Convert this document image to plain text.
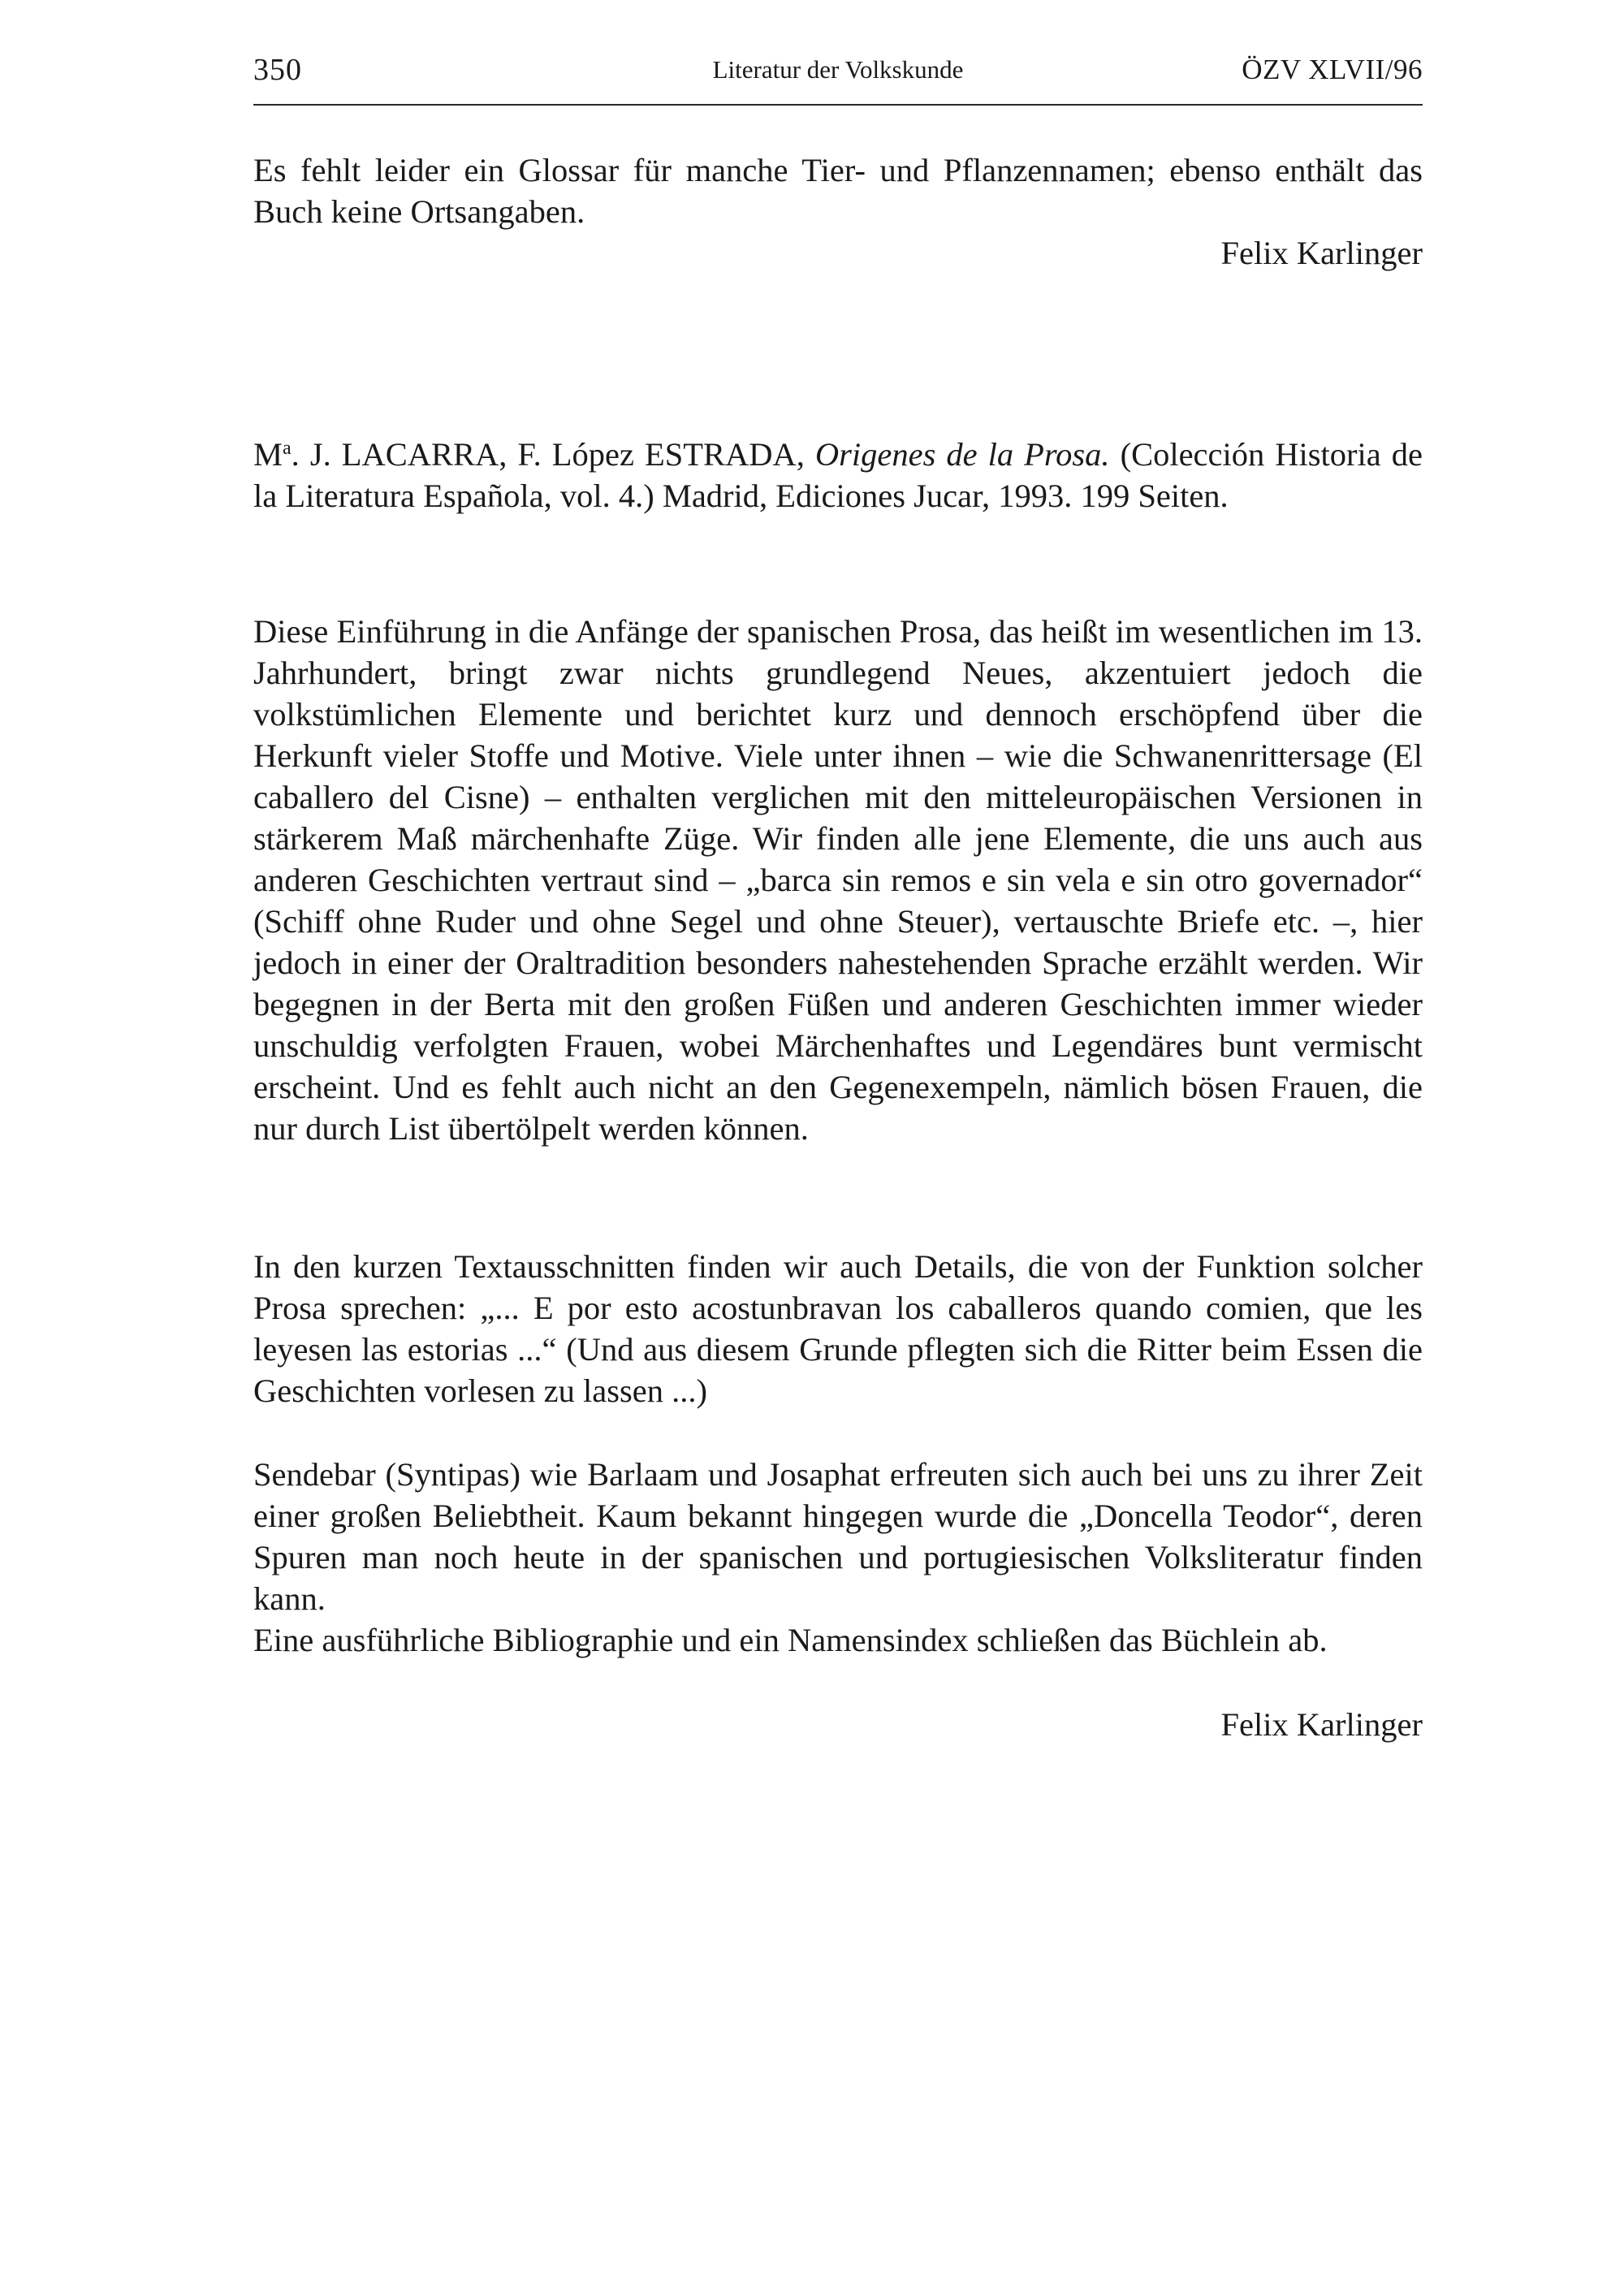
350	Literatur der Volkskunde	ÖZV XLVII/96

Es fehlt leider ein Glossar für manche Tier- und Pflanzennamen; ebenso enthält das Buch keine Ortsangaben.

Felix Karlinger

$M^a$. J. LACARRA, F. López ESTRADA, Origenes de la Prosa. (Colección Historia de la Literatura Española, vol. 4.) Madrid, Ediciones Jucar, 1993. 199 Seiten.

Diese Einführung in die Anfänge der spanischen Prosa, das heißt im wesentlichen im 13. Jahrhundert, bringt zwar nichts grundlegend Neues, akzentuiert jedoch die volkstümlichen Elemente und berichtet kurz und dennoch erschöpfend über die Herkunft vieler Stoffe und Motive. Viele unter ihnen – wie die Schwanenrittersage (El caballero del Cisne) – enthalten verglichen mit den mitteleuropäischen Versionen in stärkerem Maß märchenhafte Züge. Wir finden alle jene Elemente, die uns auch aus anderen Geschichten vertraut sind – „barca sin remos e sin vela e sin otro governador“ (Schiff ohne Ruder und ohne Segel und ohne Steuer), vertauschte Briefe etc. –, hier jedoch in einer der Oraltradition besonders nahestehenden Sprache erzählt werden. Wir begegnen in der Berta mit den großen Füßen und anderen Geschichten immer wieder unschuldig verfolgten Frauen, wobei Märchenhaftes und Legendäres bunt vermischt erscheint. Und es fehlt auch nicht an den Gegenexempeln, nämlich bösen Frauen, die nur durch List übertölpelt werden können.

In den kurzen Textausschnitten finden wir auch Details, die von der Funktion solcher Prosa sprechen: „... E por esto acostunbravan los caballeros quando comien, que les leyesen las estorias ...“ (Und aus diesem Grunde pflegten sich die Ritter beim Essen die Geschichten vorlesen zu lassen ...)

Sendebar (Syntipas) wie Barlaam und Josaphat erfreuten sich auch bei uns zu ihrer Zeit einer großen Beliebtheit. Kaum bekannt hingegen wurde die „Doncella Teodor“, deren Spuren man noch heute in der spanischen und portugiesischen Volksliteratur finden kann.

Eine ausführliche Bibliographie und ein Namensindex schließen das Büchlein ab.

Felix Karlinger
